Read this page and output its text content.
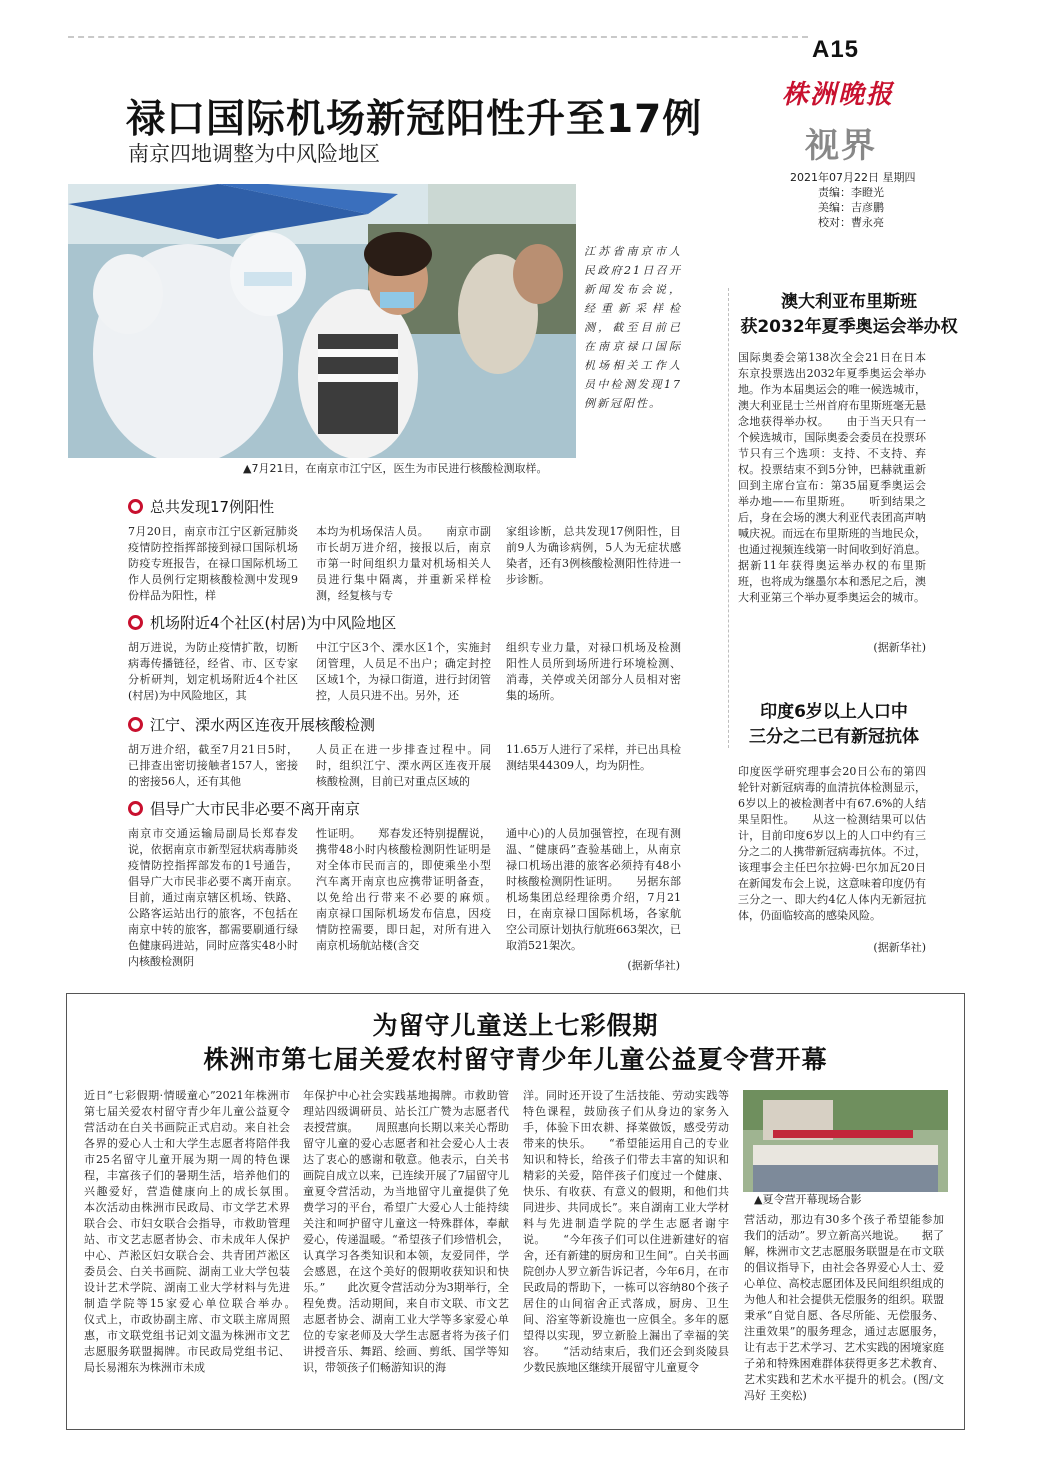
A15
株洲晚报
视界
2021年07月22日 星期四
责编：李瞪光
美编：吉彦鹏
校对：曹永亮
禄口国际机场新冠阳性升至17例
南京四地调整为中风险地区
江苏省南京市人民政府21日召开新闻发布会说，经重新采样检测，截至目前已在南京禄口国际机场相关工作人员中检测发现17例新冠阳性。
▲7月21日，在南京市江宁区，医生为市民进行核酸检测取样。
总共发现17例阳性
7月20日，南京市江宁区新冠肺炎疫情防控指挥部接到禄口国际机场防疫专班报告，在禄口国际机场工作人员例行定期核酸检测中发现9份样品为阳性，样
本均为机场保洁人员。　　南京市副市长胡万进介绍，接报以后，南京市第一时间组织力量对机场相关人员进行集中隔离，并重新采样检测，经复核与专
家组诊断，总共发现17例阳性，目前9人为确诊病例，5人为无症状感染者，还有3例核酸检测阳性待进一步诊断。
机场附近4个社区(村居)为中风险地区
胡万进说，为防止疫情扩散，切断病毒传播链径，经省、市、区专家分析研判，划定机场附近4个社区(村居)为中风险地区，其
中江宁区3个、溧水区1个，实施封闭管理，人员足不出户；确定封控区域1个，为禄口街道，进行封闭管控，人员只进不出。另外，还
组织专业力量，对禄口机场及检测阳性人员所到场所进行环境检测、消毒，关停或关闭部分人员相对密集的场所。
江宁、溧水两区连夜开展核酸检测
胡万进介绍，截至7月21日5时，已排查出密切接触者157人，密接的密接56人，还有其他
人员正在进一步排查过程中。同时，组织江宁、溧水两区连夜开展核酸检测，目前已对重点区域的
11.65万人进行了采样，并已出具检测结果44309人，均为阴性。
倡导广大市民非必要不离开南京
南京市交通运输局副局长郑春发说，依据南京市新型冠状病毒肺炎疫情防控指挥部发布的1号通告，倡导广大市民非必要不离开南京。目前，通过南京辖区机场、铁路、公路客运站出行的旅客，不包括在南京中转的旅客，都需要刷通行绿色健康码进站，同时应落实48小时内核酸检测阴
性证明。　　郑春发还特别提醒说，携带48小时内核酸检测阴性证明是对全体市民而言的，即使乘坐小型汽车离开南京也应携带证明备查，以免给出行带来不必要的麻烦。　　南京禄口国际机场发布信息，因疫情防控需要，即日起，对所有进入南京机场航站楼(含交
通中心)的人员加强管控，在现有测温、“健康码”查验基础上，从南京禄口机场出港的旅客必须持有48小时核酸检测阴性证明。　　另据东部机场集团总经理徐勇介绍，7月21日，在南京禄口国际机场，各家航空公司原计划执行航班663架次，已取消521架次。
(据新华社)
澳大利亚布里斯班
获2032年夏季奥运会举办权
国际奥委会第138次全会21日在日本东京投票选出2032年夏季奥运会举办地。作为本届奥运会的唯一候选城市，澳大利亚昆士兰州首府布里斯班毫无悬念地获得举办权。　　由于当天只有一个候选城市，国际奥委会委员在投票环节只有三个选项：支持、不支持、弃权。投票结束不到5分钟，巴赫就重新回到主席台宣布：第35届夏季奥运会举办地——布里斯班。　　听到结果之后，身在会场的澳大利亚代表团高声呐喊庆祝。而远在布里斯班的当地民众，也通过视频连线第一时间收到好消息。据新11年获得奥运举办权的布里斯班，也将成为继墨尔本和悉尼之后，澳大利亚第三个举办夏季奥运会的城市。
(据新华社)
印度6岁以上人口中
三分之二已有新冠抗体
印度医学研究理事会20日公布的第四轮针对新冠病毒的血清抗体检测显示，6岁以上的被检测者中有67.6%的人结果呈阳性。　　从这一检测结果可以估计，目前印度6岁以上的人口中约有三分之二的人携带新冠病毒抗体。不过，该理事会主任巴尔拉姆·巴尔加瓦20日在新闻发布会上说，这意味着印度仍有三分之一、即大约4亿人体内无新冠抗体，仍面临较高的感染风险。
(据新华社)
为留守儿童送上七彩假期
株洲市第七届关爱农村留守青少年儿童公益夏令营开幕
近日“七彩假期·情暖童心”2021年株洲市第七届关爱农村留守青少年儿童公益夏令营活动在白关书画院正式启动。来自社会各界的爱心人士和大学生志愿者将陪伴我市25名留守儿童开展为期一周的特色课程，丰富孩子们的暑期生活，培养他们的兴趣爱好，营造健康向上的成长氛围。　　本次活动由株洲市民政局、市文学艺术界联合会、市妇女联合会指导，市救助管理站、市文艺志愿者协会、市未成年人保护中心、芦淞区妇女联合会、共青团芦淞区委员会、白关书画院、湖南工业大学包装设计艺术学院、湖南工业大学材料与先进制造学院等15家爱心单位联合举办。　　仪式上，市政协副主席、市文联主席周照惠，市文联党组书记刘文温为株洲市文艺志愿服务联盟揭牌。市民政局党组书记、局长易湘东为株洲市未成
年保护中心社会实践基地揭牌。市救助管理站四级调研员、站长江广赞为志愿者代表授营旗。　　周照惠向长期以来关心帮助留守儿童的爱心志愿者和社会爱心人士表达了衷心的感谢和敬意。他表示，白关书画院自成立以来，已连续开展了7届留守儿童夏令营活动，为当地留守儿童提供了免费学习的平台，希望广大爱心人士能持续关注和呵护留守儿童这一特殊群体，奉献爱心，传递温暖。“希望孩子们珍惜机会，认真学习各类知识和本领，友爱同伴，学会感恩，在这个美好的假期收获知识和快乐。”　　此次夏令营活动分为3期举行，全程免费。活动期间，来自市文联、市文艺志愿者协会、湖南工业大学等多家爱心单位的专家老师及大学生志愿者将为孩子们讲授音乐、舞蹈、绘画、剪纸、国学等知识，带领孩子们畅游知识的海
洋。同时还开设了生活技能、劳动实践等特色课程，鼓励孩子们从身边的家务入手，体验下田农耕、择菜做饭，感受劳动带来的快乐。　　“希望能运用自己的专业知识和特长，给孩子们带去丰富的知识和精彩的关爱，陪伴孩子们度过一个健康、快乐、有收获、有意义的假期，和他们共同进步、共同成长”。来自湖南工业大学材料与先进制造学院的学生志愿者谢宇说。　　“今年孩子们可以住进新建好的宿舍，还有新建的厨房和卫生间”。白关书画院创办人罗立新告诉记者，今年6月，在市民政局的帮助下，一栋可以容纳80个孩子居住的山间宿舍正式落成，厨房、卫生间、浴室等新设施也一应俱全。多年的愿望得以实现，罗立新脸上漏出了幸福的笑容。　　“活动结束后，我们还会到炎陵县少数民族地区继续开展留守儿童夏令
▲夏令营开幕现场合影
营活动，那边有30多个孩子希望能参加我们的活动”。罗立新高兴地说。　　据了解，株洲市文艺志愿服务联盟是在市文联的倡议指导下，由社会各界爱心人士、爱心单位、高校志愿团体及民间组织组成的为他人和社会提供无偿服务的组织。联盟秉承“自觉自愿、各尽所能、无偿服务、注重效果”的服务理念，通过志愿服务，让有志于艺术学习、艺术实践的困境家庭子弟和特殊困难群体获得更多艺术教育、艺术实践和艺术水平提升的机会。(图/文 冯好 王奕松)
